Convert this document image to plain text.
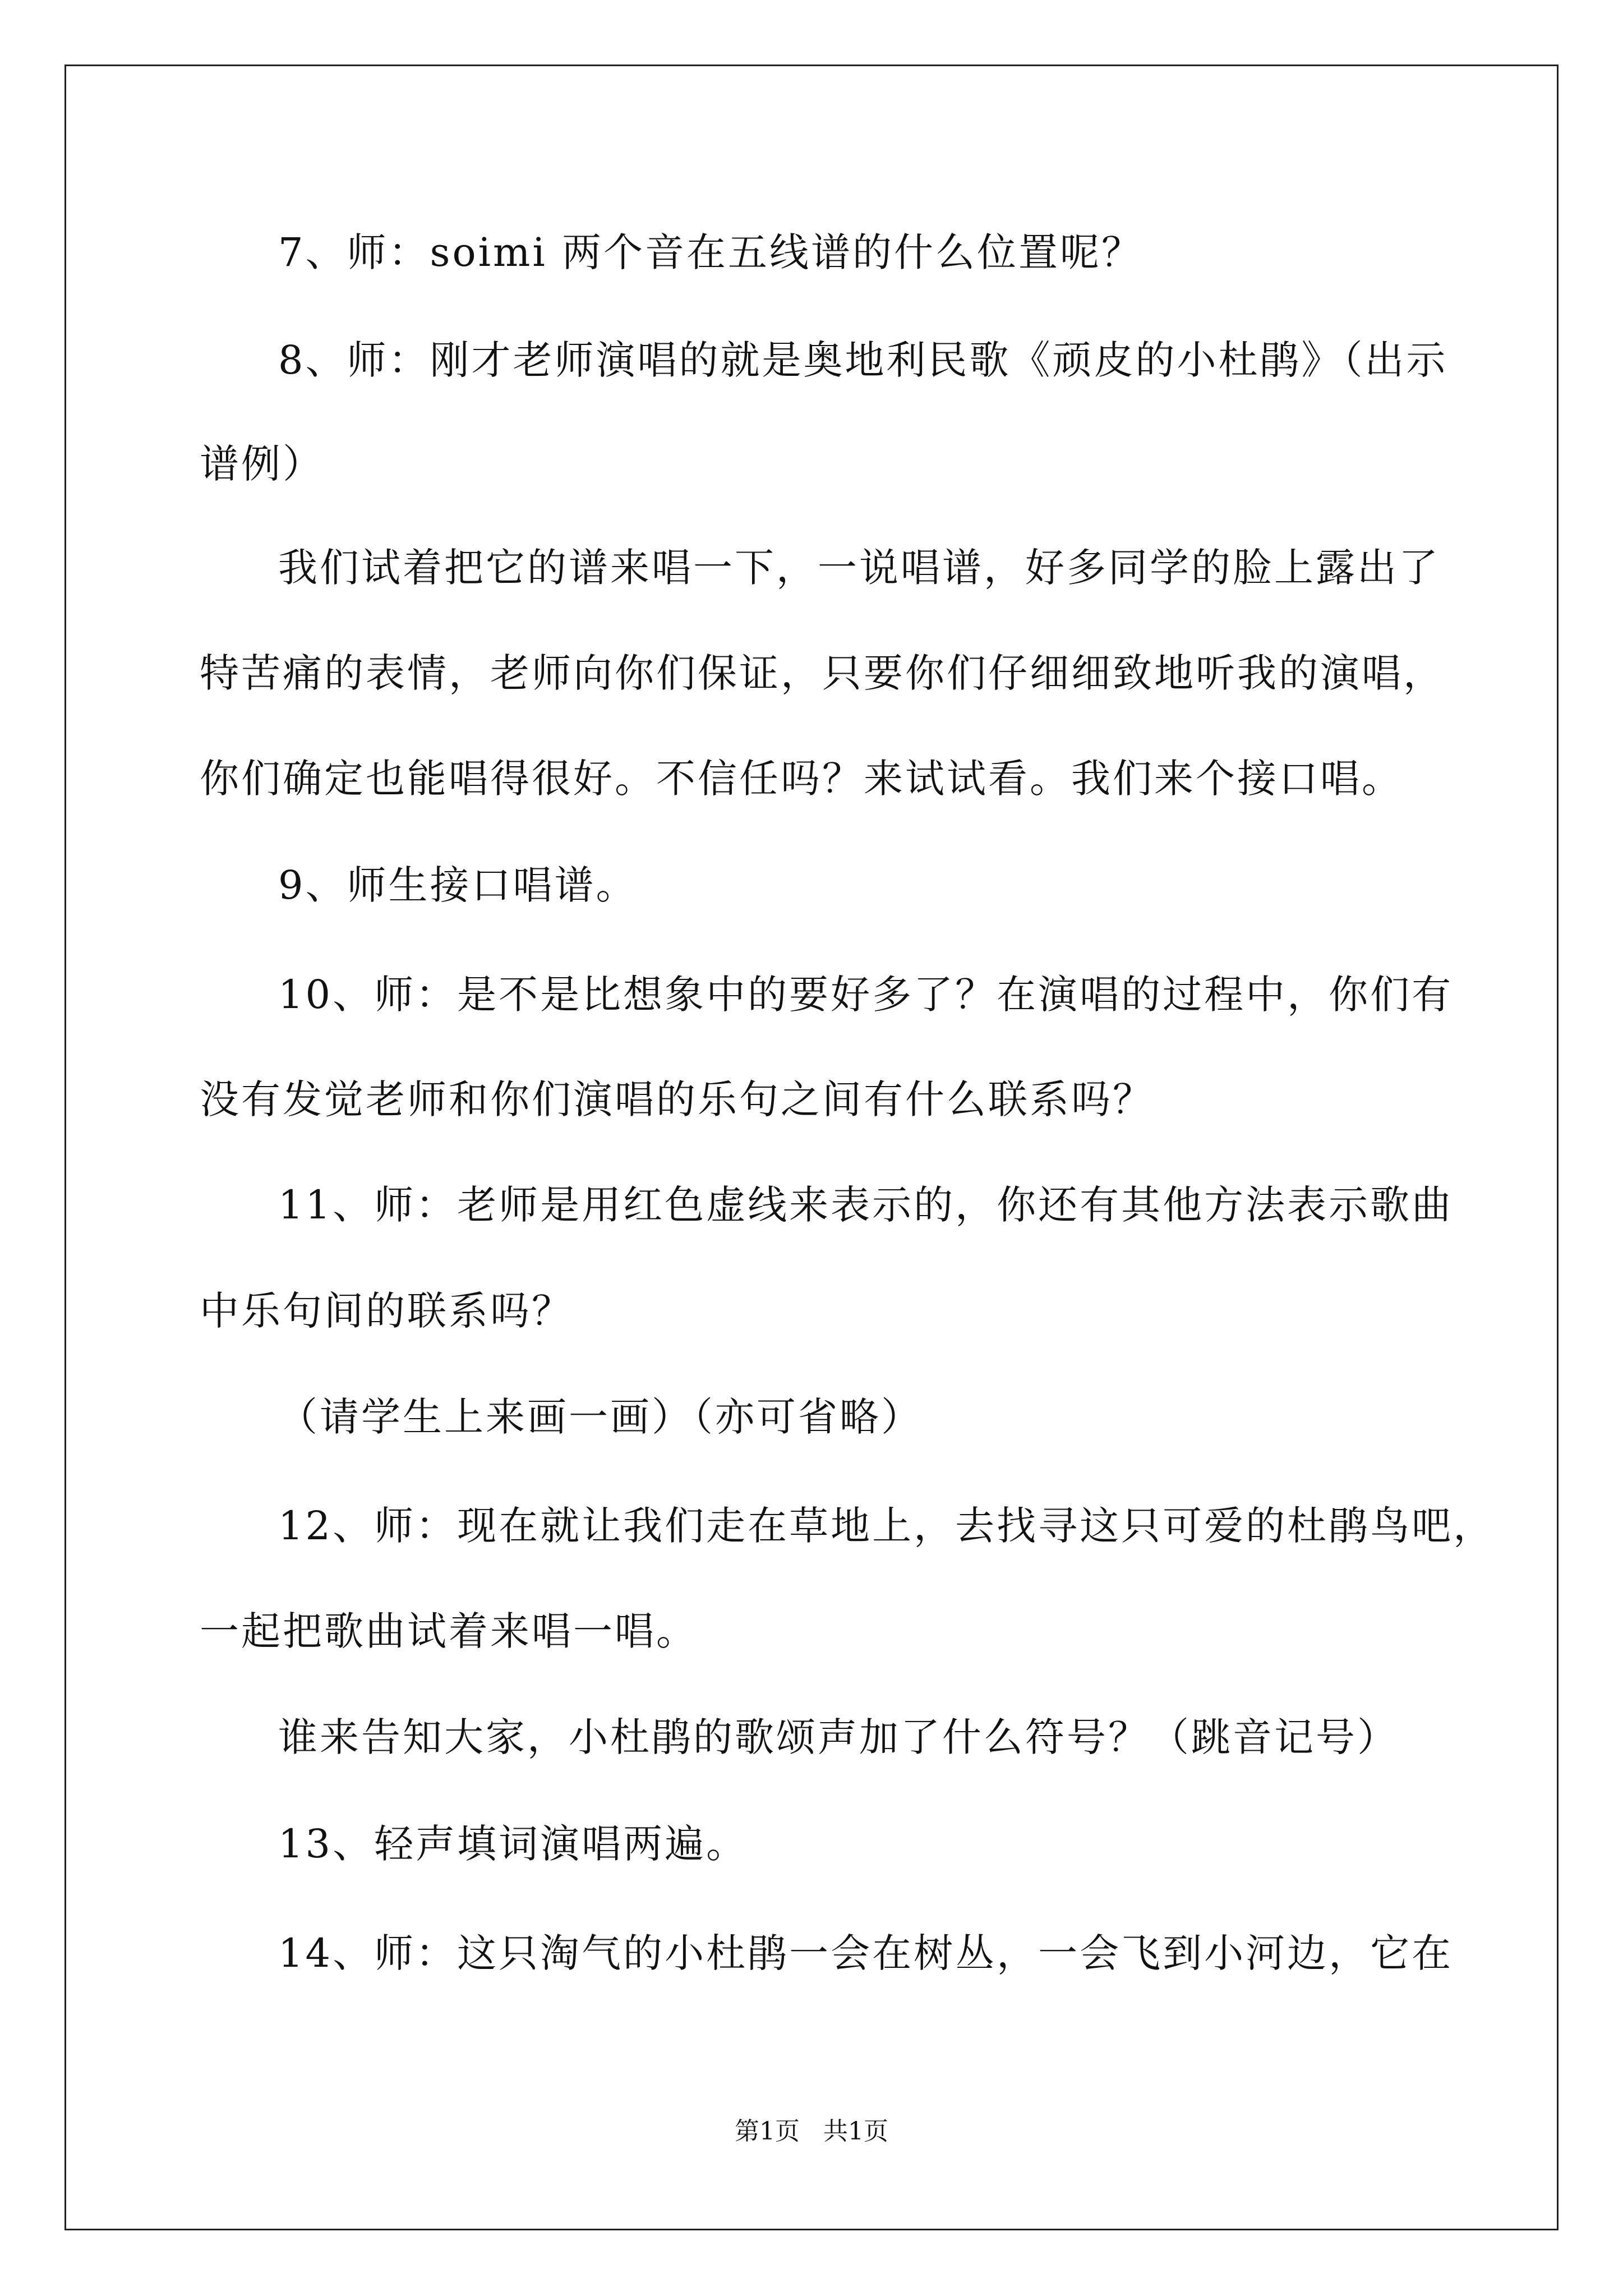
7、师：soimi 两个音在五线谱的什么位置呢？
8、师：刚才老师演唱的就是奥地利民歌《顽皮的小杜鹃》（出示
谱例）
我们试着把它的谱来唱一下，一说唱谱，好多同学的脸上露出了
特苦痛的表情，老师向你们保证，只要你们仔细细致地听我的演唱，
你们确定也能唱得很好。不信任吗？来试试看。我们来个接口唱。
9、师生接口唱谱。
10、师：是不是比想象中的要好多了？在演唱的过程中，你们有
没有发觉老师和你们演唱的乐句之间有什么联系吗？
11、师：老师是用红色虚线来表示的，你还有其他方法表示歌曲
中乐句间的联系吗？
（请学生上来画一画）（亦可省略）
12、师：现在就让我们走在草地上，去找寻这只可爱的杜鹃鸟吧，
一起把歌曲试着来唱一唱。
谁来告知大家，小杜鹃的歌颂声加了什么符号？（跳音记号）
13、轻声填词演唱两遍。
14、师：这只淘气的小杜鹃一会在树丛，一会飞到小河边，它在
第1页   共1页
